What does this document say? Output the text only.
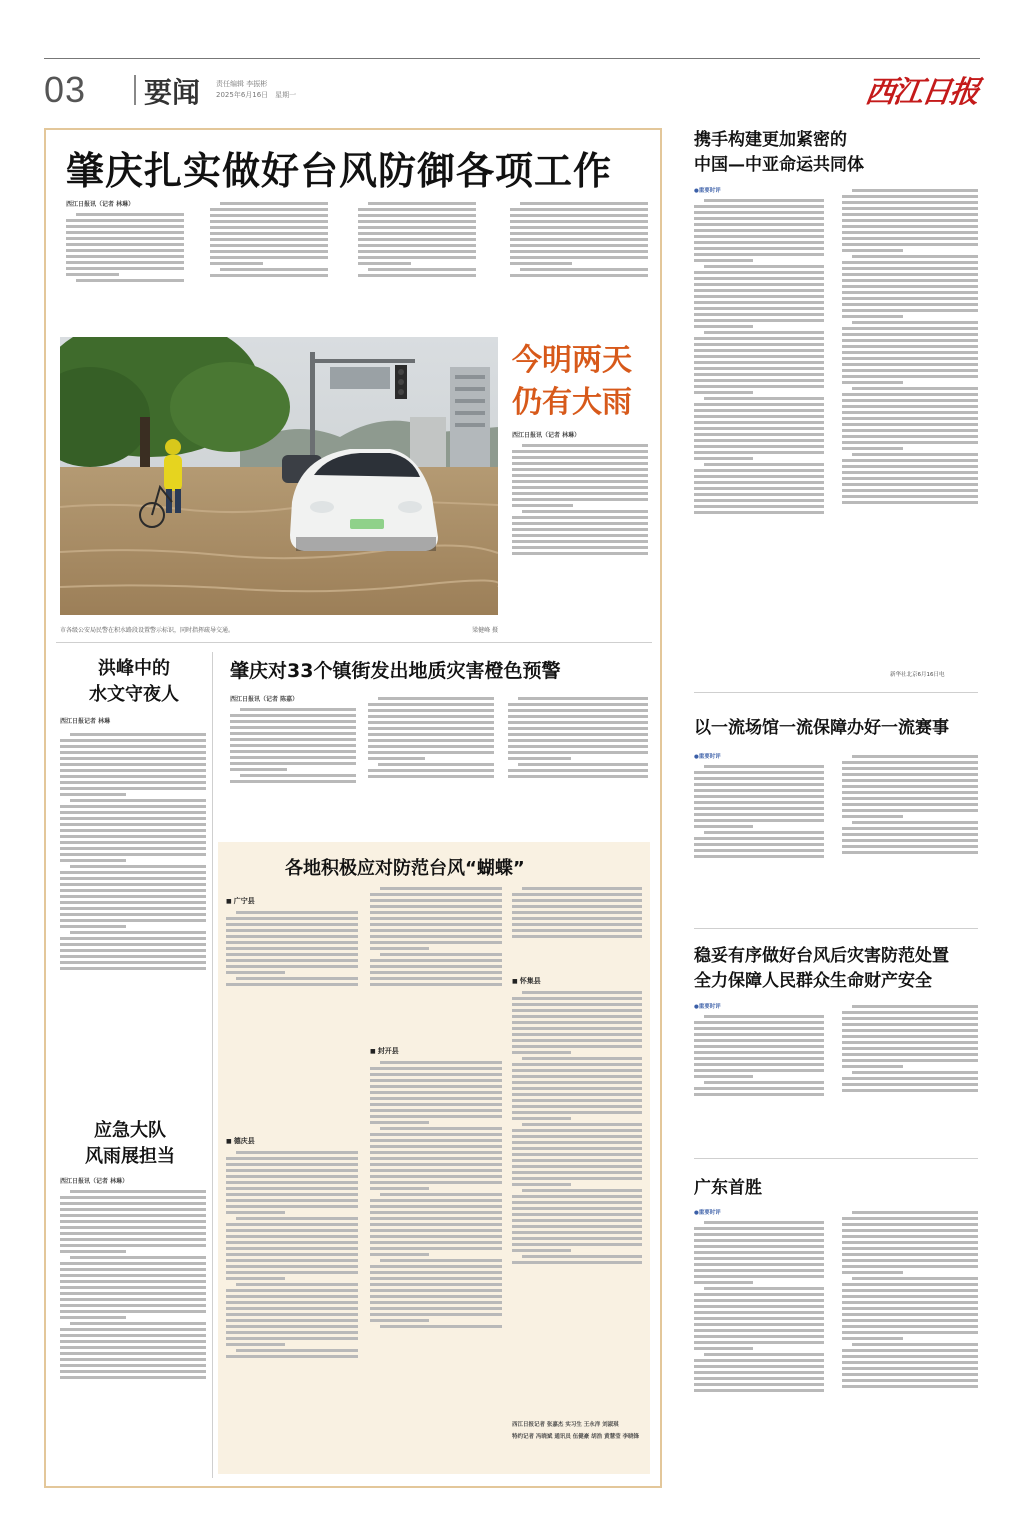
03 要闻 责任编辑 李振彬
2025年6月16日　星期一	西江日报
肇庆扎实做好台风防御各项工作
西江日报讯（记者 林琳）
市各级公安局民警在积水路段设置警示标识，同时指挥疏导交通。	梁健峰 摄
今明两天
仍有大雨
西江日报讯（记者 林琳）
洪峰中的
水文守夜人
西江日报记者 林琳
肇庆对33个镇街发出地质灾害橙色预警
西江日报讯（记者 陈嘉）
应急大队
风雨展担当
西江日报讯（记者 林琳）
各地积极应对防范台风“蝴蝶”
■ 广宁县
■ 德庆县
■ 封开县
■ 怀集县
西江日报记者 张嘉杰 实习生 王永洋 刘淑琪
特约记者 冯晓斌 通讯员 伍健豪 胡浩 黄慧莹 李晓锋
携手构建更加紧密的
中国—中亚命运共同体
●重要时评
新华社北京6月16日电
以一流场馆一流保障办好一流赛事
●重要时评
稳妥有序做好台风后灾害防范处置
全力保障人民群众生命财产安全
●重要时评
广东首胜
●重要时评
